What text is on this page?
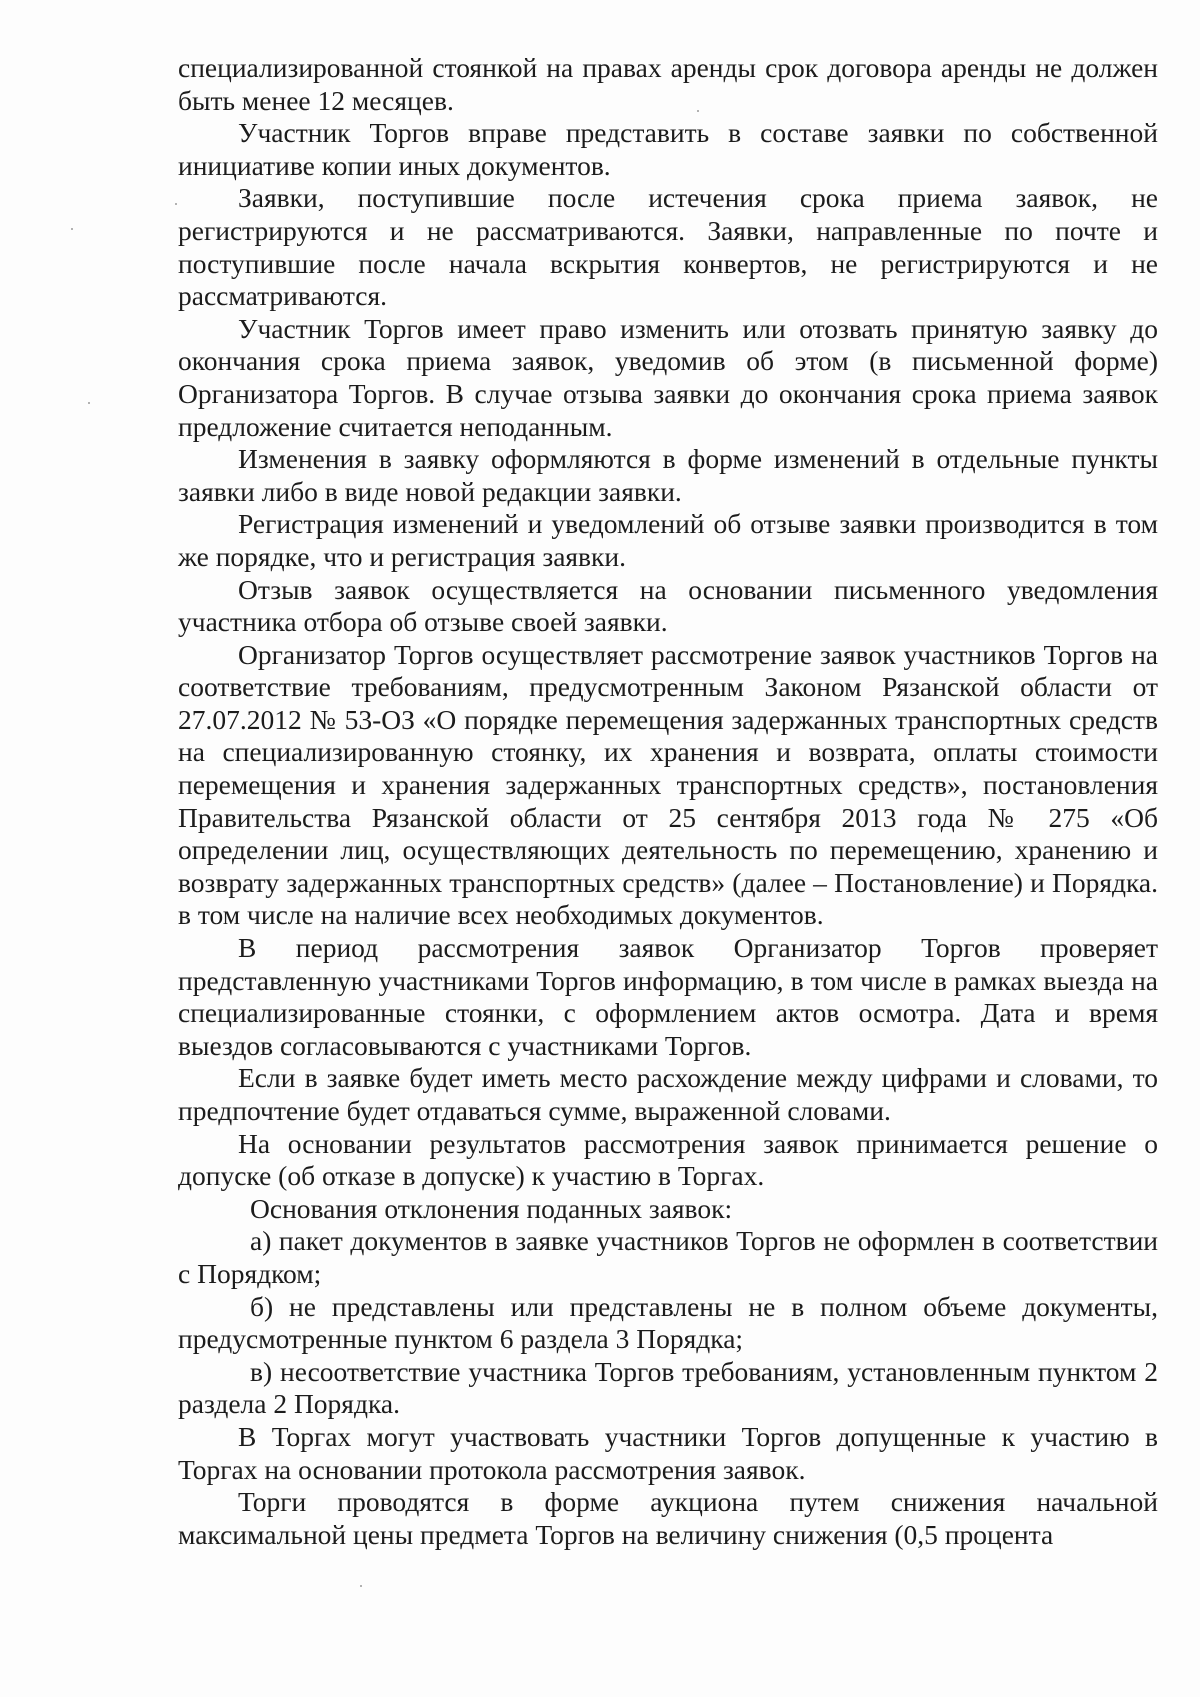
специализированной стоянкой на правах аренды срок договора аренды не должен быть менее 12 месяцев.

Участник Торгов вправе представить в составе заявки по собственной инициативе копии иных документов.

Заявки, поступившие после истечения срока приема заявок, не регистрируются и не рассматриваются. Заявки, направленные по почте и поступившие после начала вскрытия конвертов, не регистрируются и не рассматриваются.

Участник Торгов имеет право изменить или отозвать принятую заявку до окончания срока приема заявок, уведомив об этом (в письменной форме) Организатора Торгов. В случае отзыва заявки до окончания срока приема заявок предложение считается неподанным.

Изменения в заявку оформляются в форме изменений в отдельные пункты заявки либо в виде новой редакции заявки.

Регистрация изменений и уведомлений об отзыве заявки производится в том же порядке, что и регистрация заявки.

Отзыв заявок осуществляется на основании письменного уведомления участника отбора об отзыве своей заявки.

Организатор Торгов осуществляет рассмотрение заявок участников Торгов на соответствие требованиям, предусмотренным Законом Рязанской области от 27.07.2012 № 53-ОЗ «О порядке перемещения задержанных транспортных средств на специализированную стоянку, их хранения и возврата, оплаты стоимости перемещения и хранения задержанных транспортных средств», постановления Правительства Рязанской области от 25 сентября 2013 года № 275 «Об определении лиц, осуществляющих деятельность по перемещению, хранению и возврату задержанных транспортных средств» (далее – Постановление) и Порядка. в том числе на наличие всех необходимых документов.

В период рассмотрения заявок Организатор Торгов проверяет представленную участниками Торгов информацию, в том числе в рамках выезда на специализированные стоянки, с оформлением актов осмотра. Дата и время выездов согласовываются с участниками Торгов.

Если в заявке будет иметь место расхождение между цифрами и словами, то предпочтение будет отдаваться сумме, выраженной словами.

На основании результатов рассмотрения заявок принимается решение о допуске (об отказе в допуске) к участию в Торгах.

Основания отклонения поданных заявок:

а) пакет документов в заявке участников Торгов не оформлен в соответствии с Порядком;

б) не представлены или представлены не в полном объеме документы, предусмотренные пунктом 6 раздела 3 Порядка;

в) несоответствие участника Торгов требованиям, установленным пунктом 2 раздела 2 Порядка.

В Торгах могут участвовать участники Торгов допущенные к участию в Торгах на основании протокола рассмотрения заявок.

Торги проводятся в форме аукциона путем снижения начальной максимальной цены предмета Торгов на величину снижения (0,5 процента
